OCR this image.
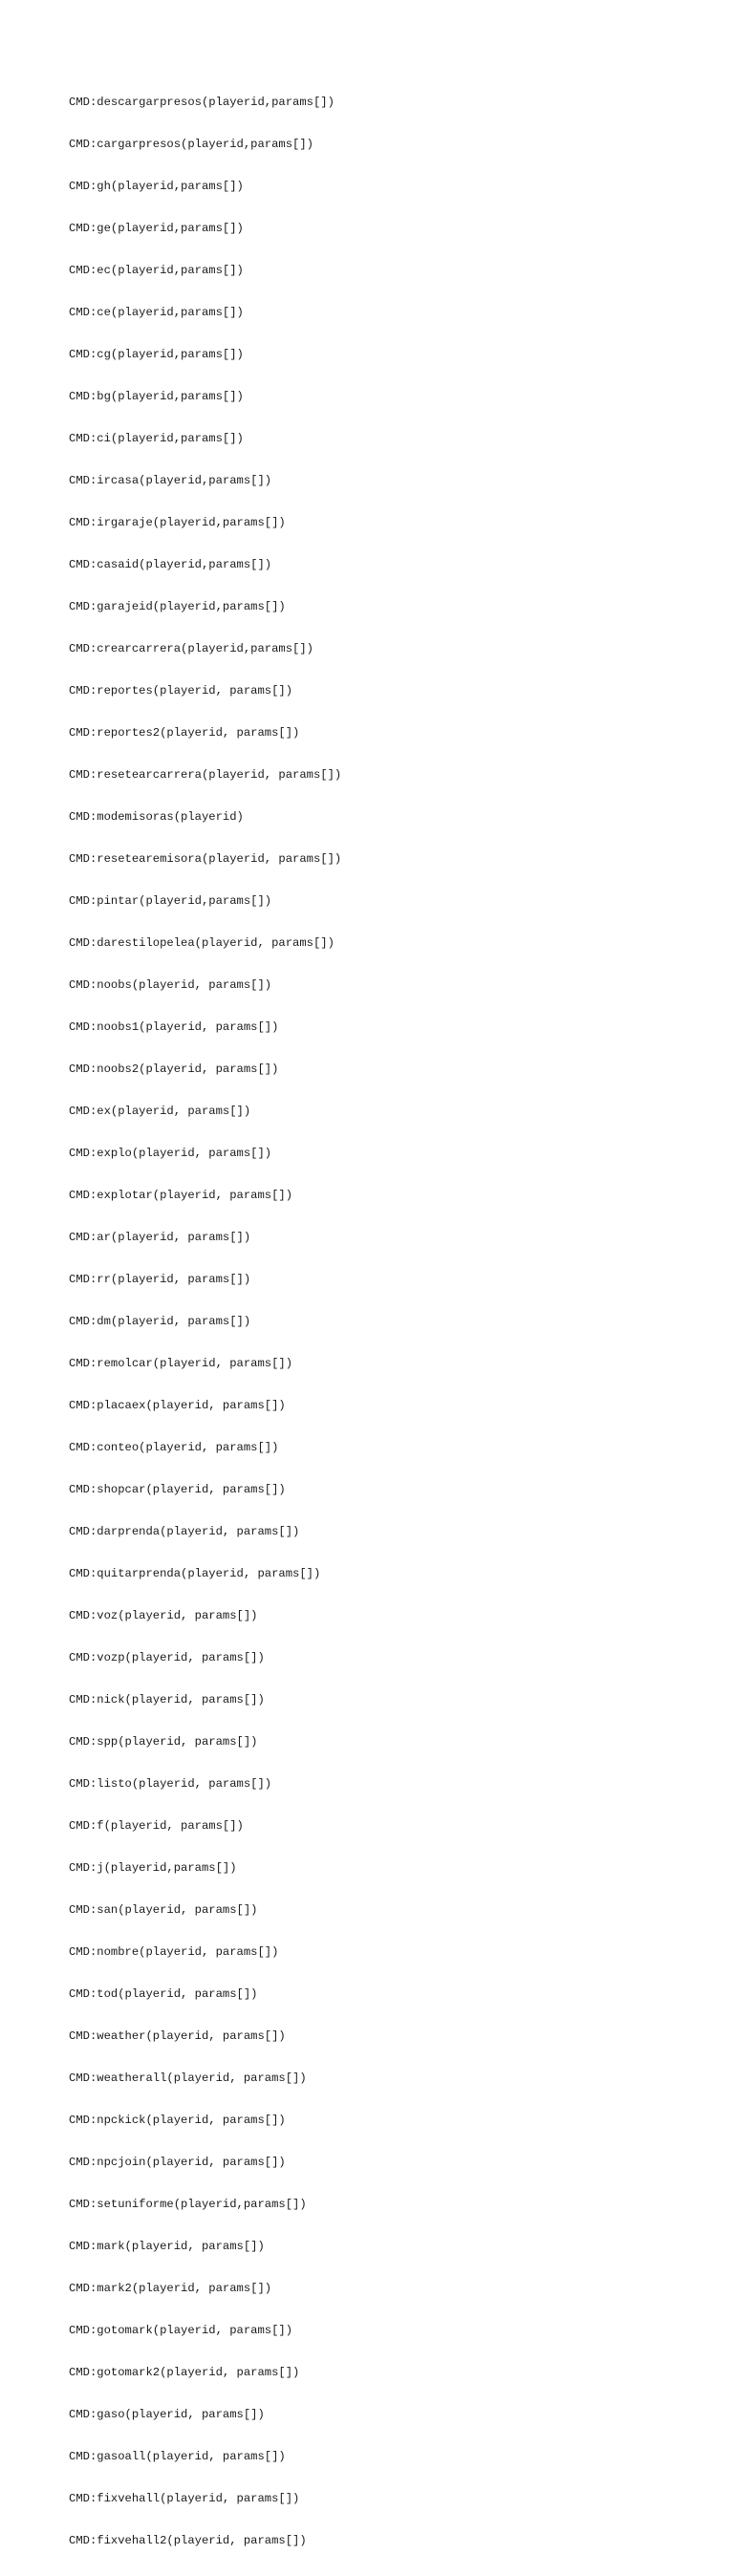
CMD:descargarpresos(playerid,params[])

CMD:cargarpresos(playerid,params[])

CMD:gh(playerid,params[])

CMD:ge(playerid,params[])

CMD:ec(playerid,params[])

CMD:ce(playerid,params[])

CMD:cg(playerid,params[])

CMD:bg(playerid,params[])

CMD:ci(playerid,params[])

CMD:ircasa(playerid,params[])

CMD:irgaraje(playerid,params[])

CMD:casaid(playerid,params[])

CMD:garajeid(playerid,params[])

CMD:crearcarrera(playerid,params[])

CMD:reportes(playerid, params[])

CMD:reportes2(playerid, params[])

CMD:resetearcarrera(playerid, params[])

CMD:modemisoras(playerid)

CMD:reseteаremisora(playerid, params[])

CMD:pintar(playerid,params[])

CMD:darestilopelea(playerid, params[])

CMD:noobs(playerid, params[])

CMD:noobs1(playerid, params[])

CMD:noobs2(playerid, params[])

CMD:ex(playerid, params[])

CMD:explo(playerid, params[])

CMD:explotar(playerid, params[])

CMD:ar(playerid, params[])

CMD:rr(playerid, params[])

CMD:dm(playerid, params[])

CMD:remolcar(playerid, params[])

CMD:placaex(playerid, params[])

CMD:conteo(playerid, params[])

CMD:shopcar(playerid, params[])

CMD:darprenda(playerid, params[])

CMD:quitarprenda(playerid, params[])

CMD:voz(playerid, params[])

CMD:vozp(playerid, params[])

CMD:nick(playerid, params[])

CMD:spp(playerid, params[])

CMD:listo(playerid, params[])

CMD:f(playerid, params[])

CMD:j(playerid,params[])

CMD:san(playerid, params[])

CMD:nombre(playerid, params[])

CMD:tod(playerid, params[])

CMD:weather(playerid, params[])

CMD:weatherall(playerid, params[])

CMD:npckick(playerid, params[])

CMD:npcjoin(playerid, params[])

CMD:setuniforme(playerid,params[])

CMD:mark(playerid, params[])

CMD:mark2(playerid, params[])

CMD:gotomark(playerid, params[])

CMD:gotomark2(playerid, params[])

CMD:gaso(playerid, params[])

CMD:gasoall(playerid, params[])

CMD:fixvehall(playerid, params[])

CMD:fixvehall2(playerid, params[])
